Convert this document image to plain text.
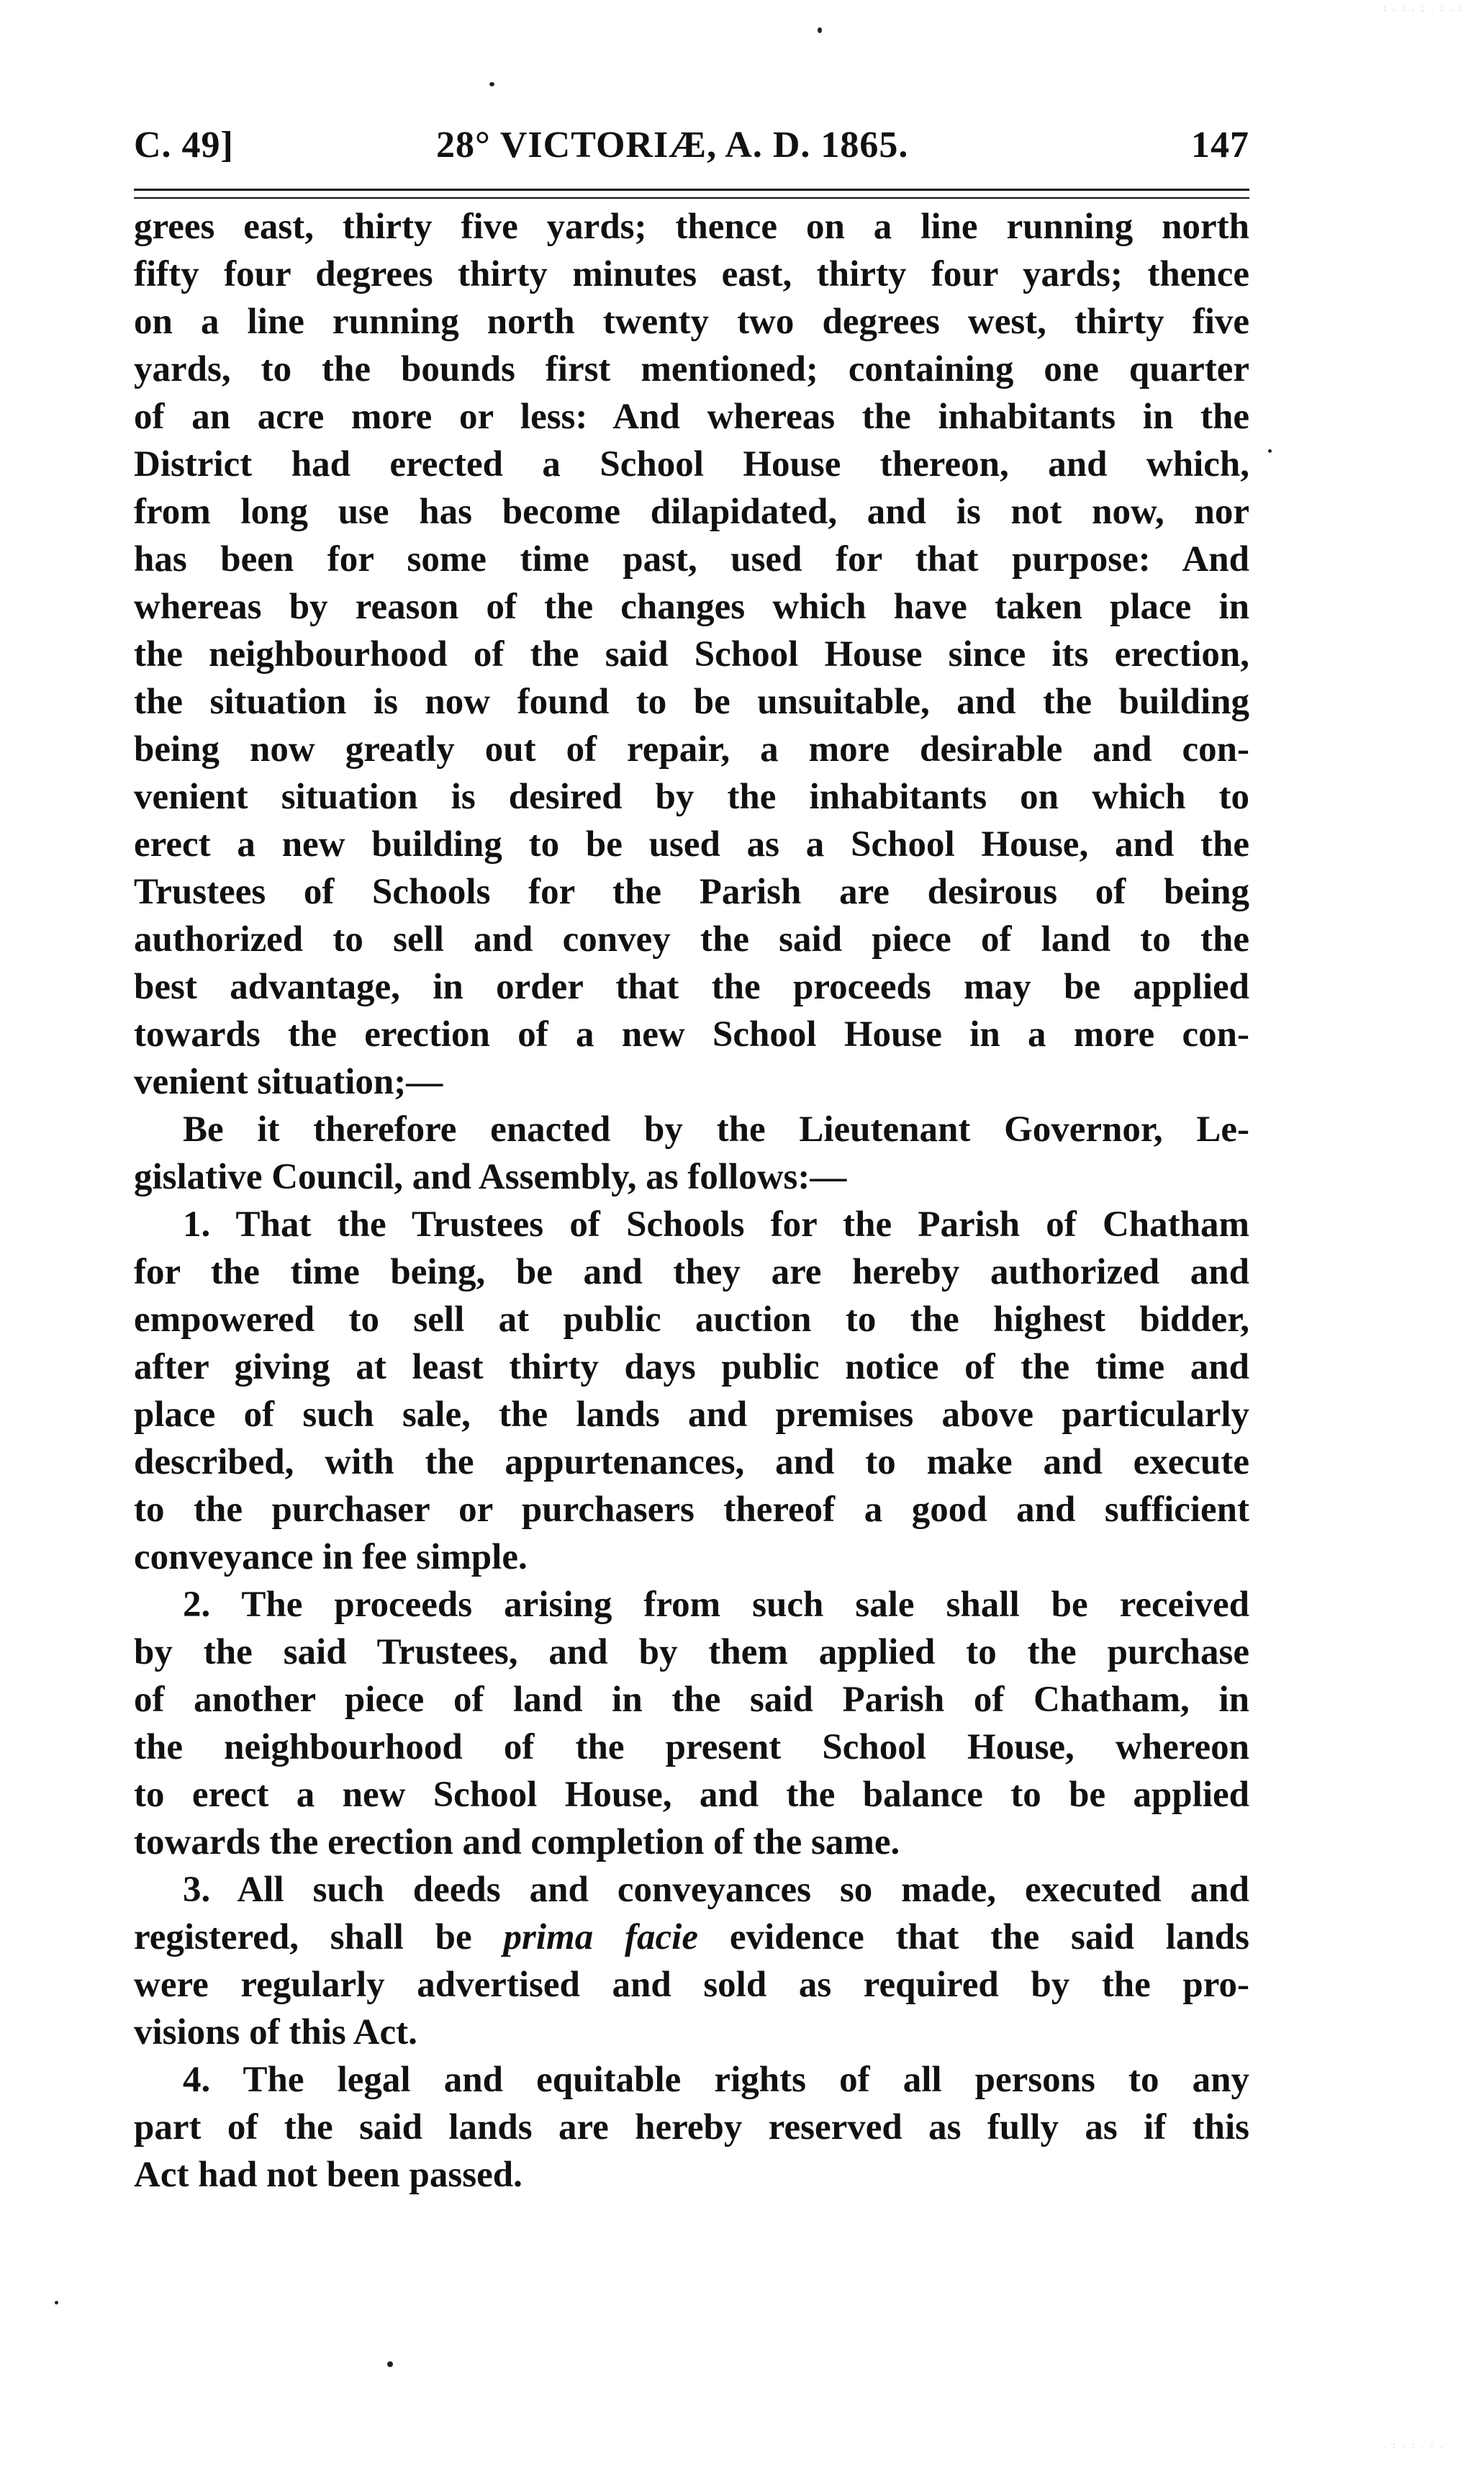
C. 49]	28° VICTORIÆ, A. D. 1865.	147
grees east, thirty five yards; thence on a line running north
fifty four degrees thirty minutes east, thirty four yards; thence
on a line running north twenty two degrees west, thirty five
yards, to the bounds first mentioned; containing one quarter
of an acre more or less: And whereas the inhabitants in the
District had erected a School House thereon, and which,
from long use has become dilapidated, and is not now, nor
has been for some time past, used for that purpose: And
whereas by reason of the changes which have taken place in
the neighbourhood of the said School House since its erection,
the situation is now found to be unsuitable, and the building
being now greatly out of repair, a more desirable and con-
venient situation is desired by the inhabitants on which to
erect a new building to be used as a School House, and the
Trustees of Schools for the Parish are desirous of being
authorized to sell and convey the said piece of land to the
best advantage, in order that the proceeds may be applied
towards the erection of a new School House in a more con-
venient situation;—
Be it therefore enacted by the Lieutenant Governor, Le-
gislative Council, and Assembly, as follows:—
1. That the Trustees of Schools for the Parish of Chatham
for the time being, be and they are hereby authorized and
empowered to sell at public auction to the highest bidder,
after giving at least thirty days public notice of the time and
place of such sale, the lands and premises above particularly
described, with the appurtenances, and to make and execute
to the purchaser or purchasers thereof a good and sufficient
conveyance in fee simple.
2. The proceeds arising from such sale shall be received
by the said Trustees, and by them applied to the purchase
of another piece of land in the said Parish of Chatham, in
the neighbourhood of the present School House, whereon
to erect a new School House, and the balance to be applied
towards the erection and completion of the same.
3. All such deeds and conveyances so made, executed and
registered, shall be prima facie evidence that the said lands
were regularly advertised and sold as required by the pro-
visions of this Act.
4. The legal and equitable rights of all persons to any
part of the said lands are hereby reserved as fully as if this
Act had not been passed.
: . : . ; . : . :
. : . : . : .
